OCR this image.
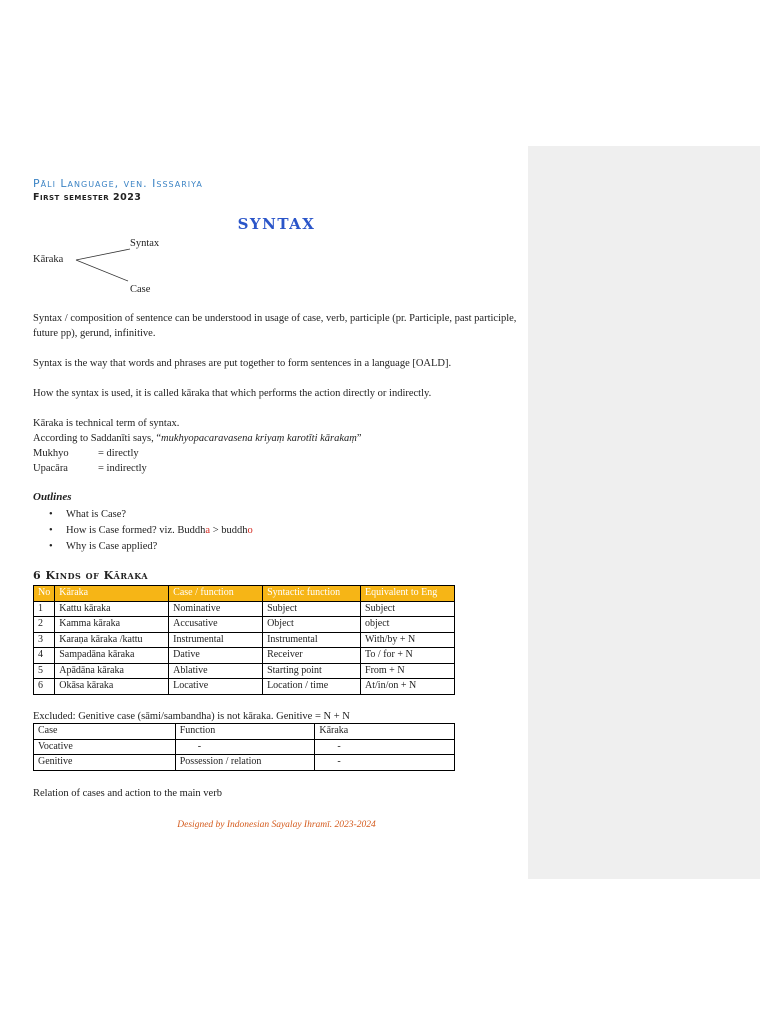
Pāli Language, ven. Isssariya
First semester 2023
SYNTAX
Kāraka
Syntax
Case
Syntax / composition of sentence can be understood in usage of case, verb, participle (pr. Participle, past participle, future pp), gerund, infinitive.
Syntax is the way that words and phrases are put together to form sentences in a language [OALD].
How the syntax is used, it is called kāraka that which performs the action directly or indirectly.
Kāraka is technical term of syntax.
According to Saddanīti says, “mukhyopacaravasena kriyaṃ karotīti kārakaṃ”
Mukhyo	= directly
Upacāra	= indirectly
Outlines
• What is Case?
• How is Case formed? viz. Buddha > buddho
• Why is Case applied?
6 Kinds of Kāraka
No	Kāraka	Case / function	Syntactic function	Equivalent to Eng
1	Kattu kāraka	Nominative	Subject	Subject
2	Kamma kāraka	Accusative	Object	object
3	Karaṇa kāraka /kattu	Instrumental	Instrumental	With/by + N
4	Sampadāna kāraka	Dative	Receiver	To / for + N
5	Apādāna kāraka	Ablative	Starting point	From + N
6	Okāsa kāraka	Locative	Location / time	At/in/on + N
Excluded: Genitive case (sāmi/sambandha) is not kāraka. Genitive = N + N
Case	Function	Kāraka
Vocative	-	-
Genitive	Possession / relation	-
Relation of cases and action to the main verb
Designed by Indonesian Sayalay Ihramī. 2023-2024
